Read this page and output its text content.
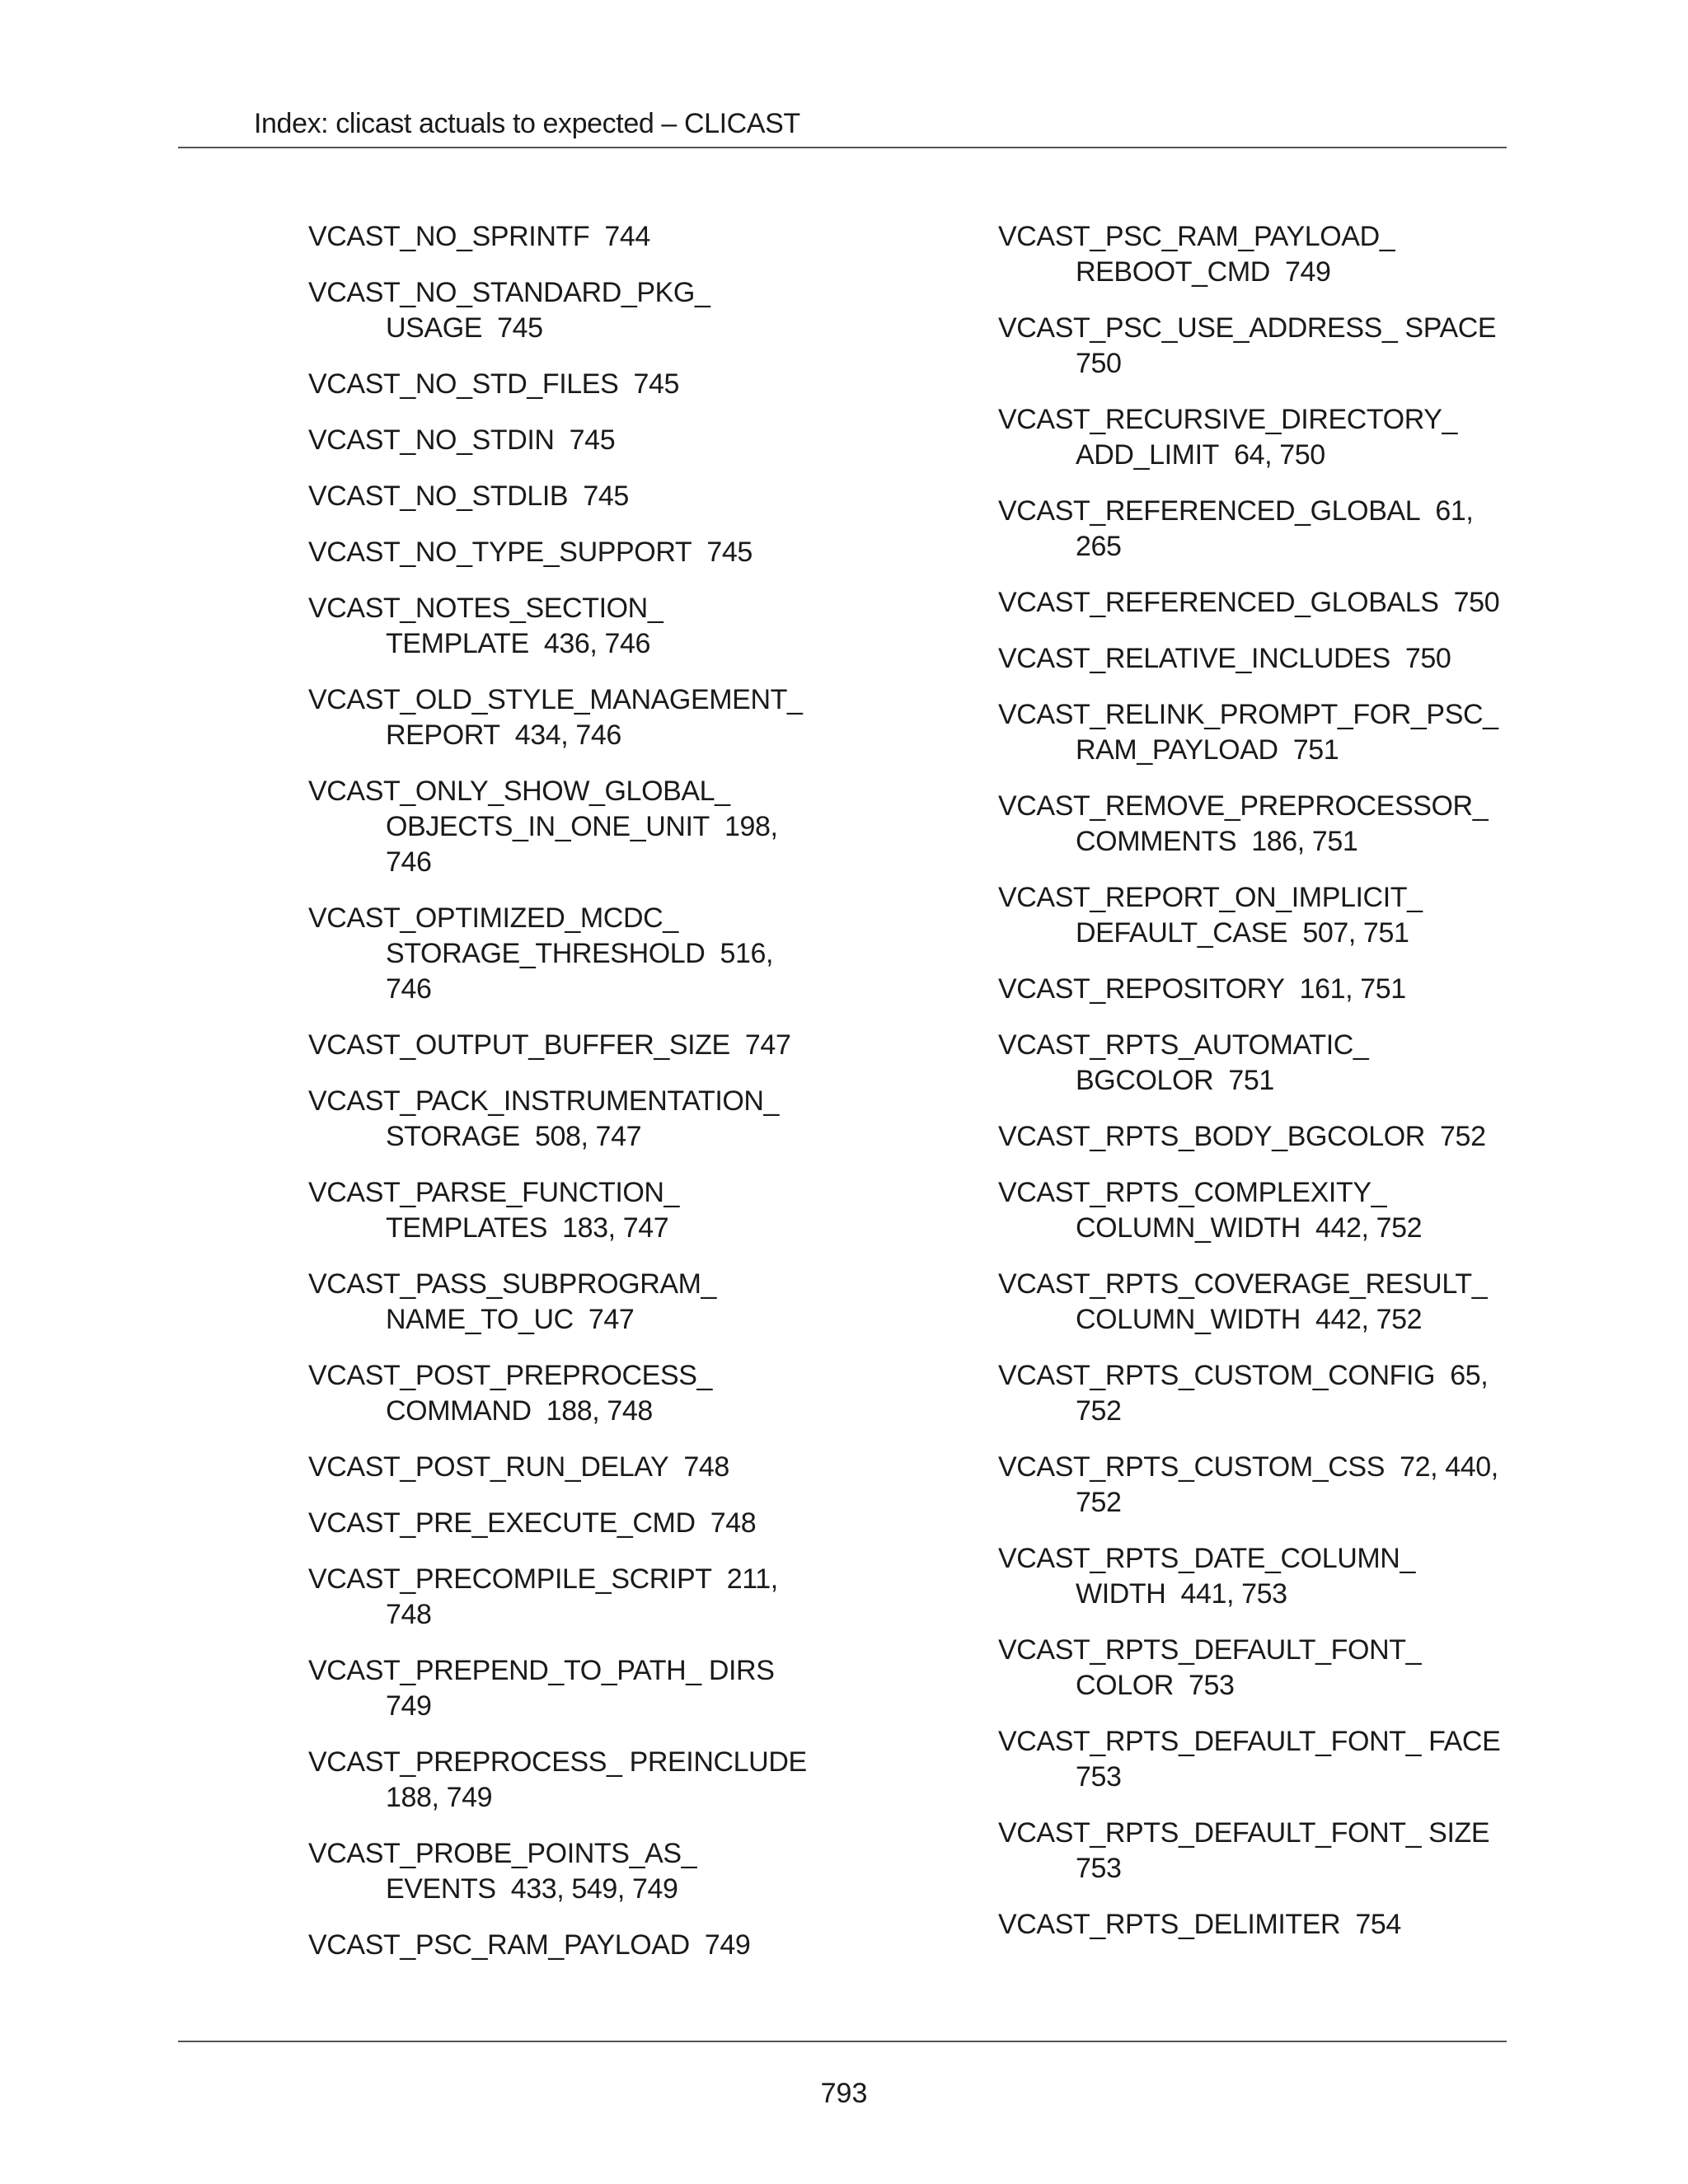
Index: clicast actuals to expected – CLICAST
VCAST_NO_SPRINTF 744
VCAST_NO_STANDARD_PKG_ USAGE 745
VCAST_NO_STD_FILES 745
VCAST_NO_STDIN 745
VCAST_NO_STDLIB 745
VCAST_NO_TYPE_SUPPORT 745
VCAST_NOTES_SECTION_ TEMPLATE 436, 746
VCAST_OLD_STYLE_MANAGEMENT_ REPORT 434, 746
VCAST_ONLY_SHOW_GLOBAL_ OBJECTS_IN_ONE_UNIT 198, 746
VCAST_OPTIMIZED_MCDC_ STORAGE_THRESHOLD 516, 746
VCAST_OUTPUT_BUFFER_SIZE 747
VCAST_PACK_INSTRUMENTATION_ STORAGE 508, 747
VCAST_PARSE_FUNCTION_ TEMPLATES 183, 747
VCAST_PASS_SUBPROGRAM_ NAME_TO_UC 747
VCAST_POST_PREPROCESS_ COMMAND 188, 748
VCAST_POST_RUN_DELAY 748
VCAST_PRE_EXECUTE_CMD 748
VCAST_PRECOMPILE_SCRIPT 211, 748
VCAST_PREPEND_TO_PATH_ DIRS  749
VCAST_PREPROCESS_ PREINCLUDE  188, 749
VCAST_PROBE_POINTS_AS_ EVENTS 433, 549, 749
VCAST_PSC_RAM_PAYLOAD 749
VCAST_PSC_RAM_PAYLOAD_ REBOOT_CMD 749
VCAST_PSC_USE_ADDRESS_ SPACE  750
VCAST_RECURSIVE_DIRECTORY_ ADD_LIMIT 64, 750
VCAST_REFERENCED_GLOBAL 61, 265
VCAST_REFERENCED_GLOBALS 750
VCAST_RELATIVE_INCLUDES 750
VCAST_RELINK_PROMPT_FOR_PSC_ RAM_PAYLOAD 751
VCAST_REMOVE_PREPROCESSOR_ COMMENTS 186, 751
VCAST_REPORT_ON_IMPLICIT_ DEFAULT_CASE 507, 751
VCAST_REPOSITORY 161, 751
VCAST_RPTS_AUTOMATIC_ BGCOLOR 751
VCAST_RPTS_BODY_BGCOLOR 752
VCAST_RPTS_COMPLEXITY_ COLUMN_WIDTH 442, 752
VCAST_RPTS_COVERAGE_RESULT_ COLUMN_WIDTH 442, 752
VCAST_RPTS_CUSTOM_CONFIG 65, 752
VCAST_RPTS_CUSTOM_CSS 72, 440, 752
VCAST_RPTS_DATE_COLUMN_ WIDTH 441, 753
VCAST_RPTS_DEFAULT_FONT_ COLOR 753
VCAST_RPTS_DEFAULT_FONT_ FACE  753
VCAST_RPTS_DEFAULT_FONT_ SIZE  753
VCAST_RPTS_DELIMITER 754
793
